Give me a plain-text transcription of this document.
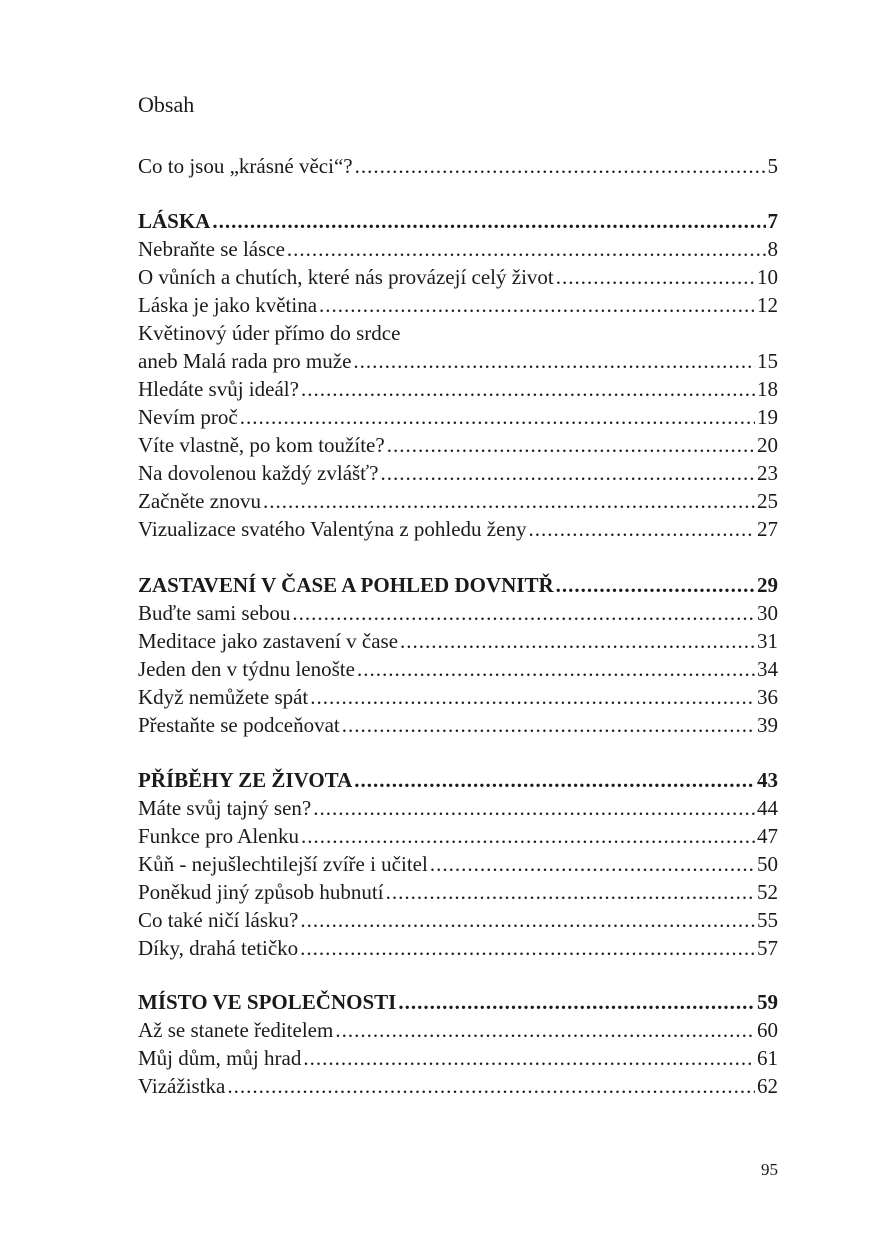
Obsah
Co to jsou „krásné věci“? .....	5
LÁSKA .....	7
Nebraňte se lásce .....	8
O vůních a chutích, které nás provázejí celý život .....	10
Láska je jako květina .....	12
Květinový úder přímo do srdce
aneb Malá rada pro muže .....	15
Hledáte svůj ideál? .....	18
Nevím proč .....	19
Víte vlastně, po kom toužíte? .....	20
Na dovolenou každý zvlášť? .....	23
Začněte znovu .....	25
Vizualizace svatého Valentýna z pohledu ženy .....	27
ZASTAVENÍ V ČASE A POHLED DOVNITŘ .....	29
Buďte sami sebou .....	30
Meditace jako zastavení v čase .....	31
Jeden den v týdnu lenošte .....	34
Když nemůžete spát .....	36
Přestaňte se podceňovat .....	39
PŘÍBĚHY ZE ŽIVOTA .....	43
Máte svůj tajný sen? .....	44
Funkce pro Alenku .....	47
Kůň - nejušlechtilejší zvíře i učitel .....	50
Poněkud jiný způsob hubnutí .....	52
Co také ničí lásku? .....	55
Díky, drahá tetičko .....	57
MÍSTO VE SPOLEČNOSTI .....	59
Až se stanete ředitelem .....	60
Můj dům, můj hrad .....	61
Vizážistka .....	62
95
